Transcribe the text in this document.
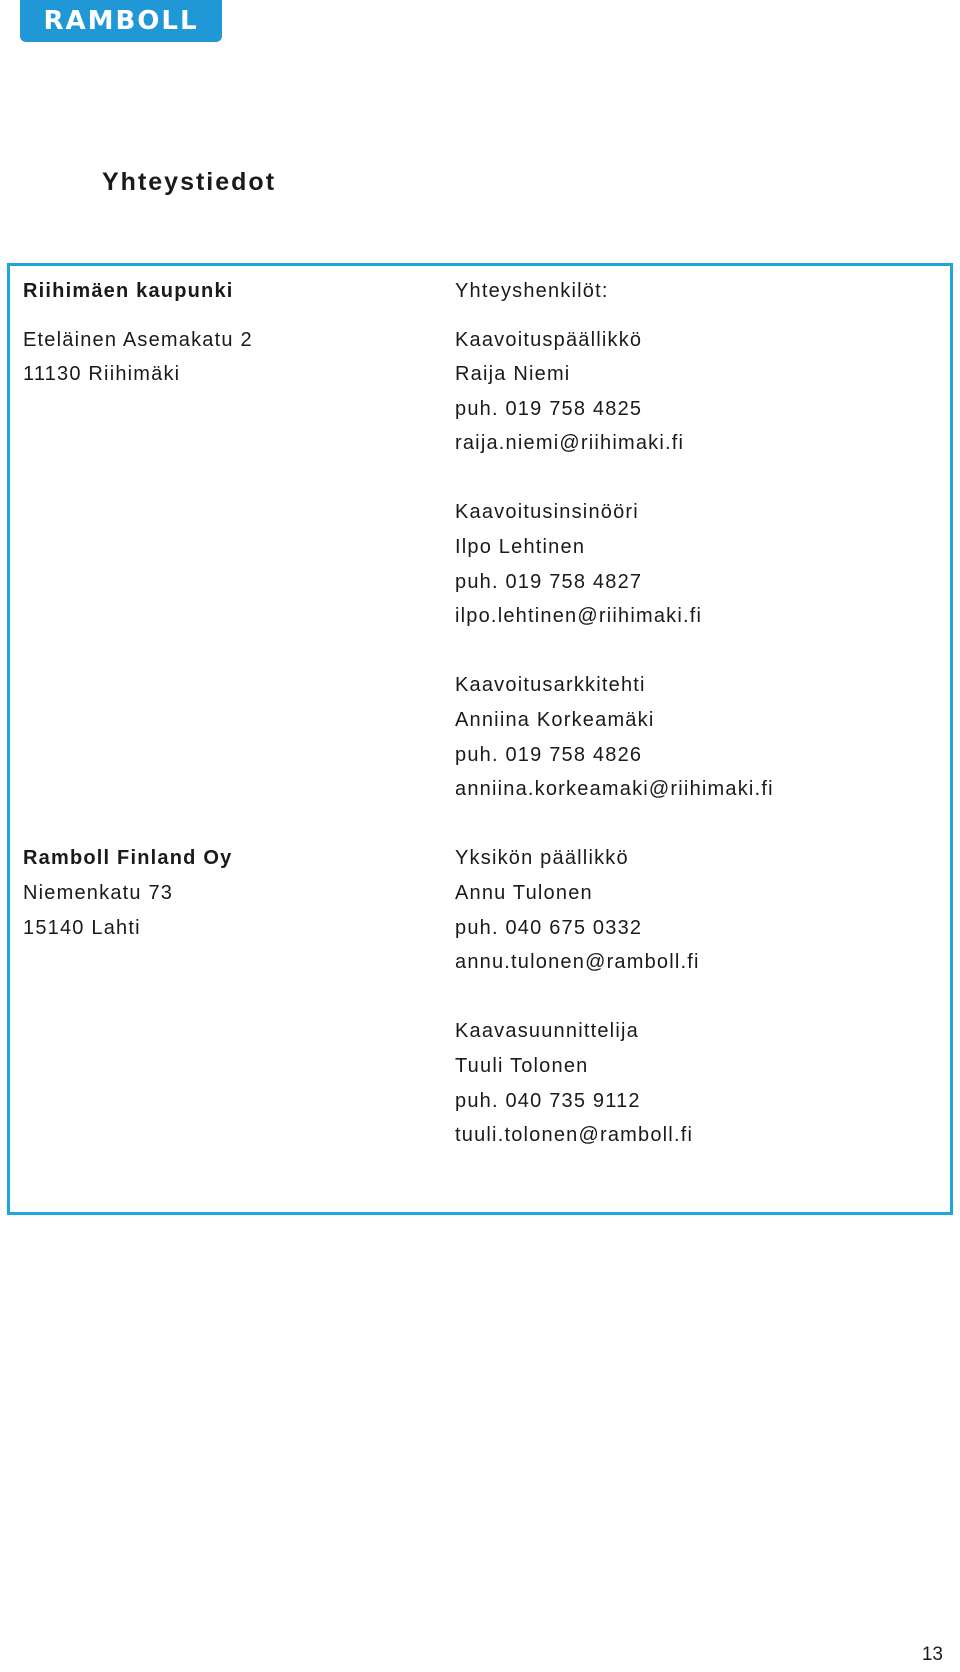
RAMBOLL
Yhteystiedot
Riihimäen kaupunki
Eteläinen Asemakatu 2
11130 Riihimäki
Yhteyshenkilöt:
Kaavoituspäällikkö
Raija Niemi
puh. 019 758 4825
raija.niemi@riihimaki.fi
Kaavoitusinsinööri
Ilpo Lehtinen
puh. 019 758 4827
ilpo.lehtinen@riihimaki.fi
Kaavoitusarkkitehti
Anniina Korkeamäki
puh. 019 758 4826
anniina.korkeamaki@riihimaki.fi
Ramboll Finland Oy
Niemenkatu 73
15140 Lahti
Yksikön päällikkö
Annu Tulonen
puh. 040 675 0332
annu.tulonen@ramboll.fi
Kaavasuunnittelija
Tuuli Tolonen
puh. 040 735 9112
tuuli.tolonen@ramboll.fi
13
